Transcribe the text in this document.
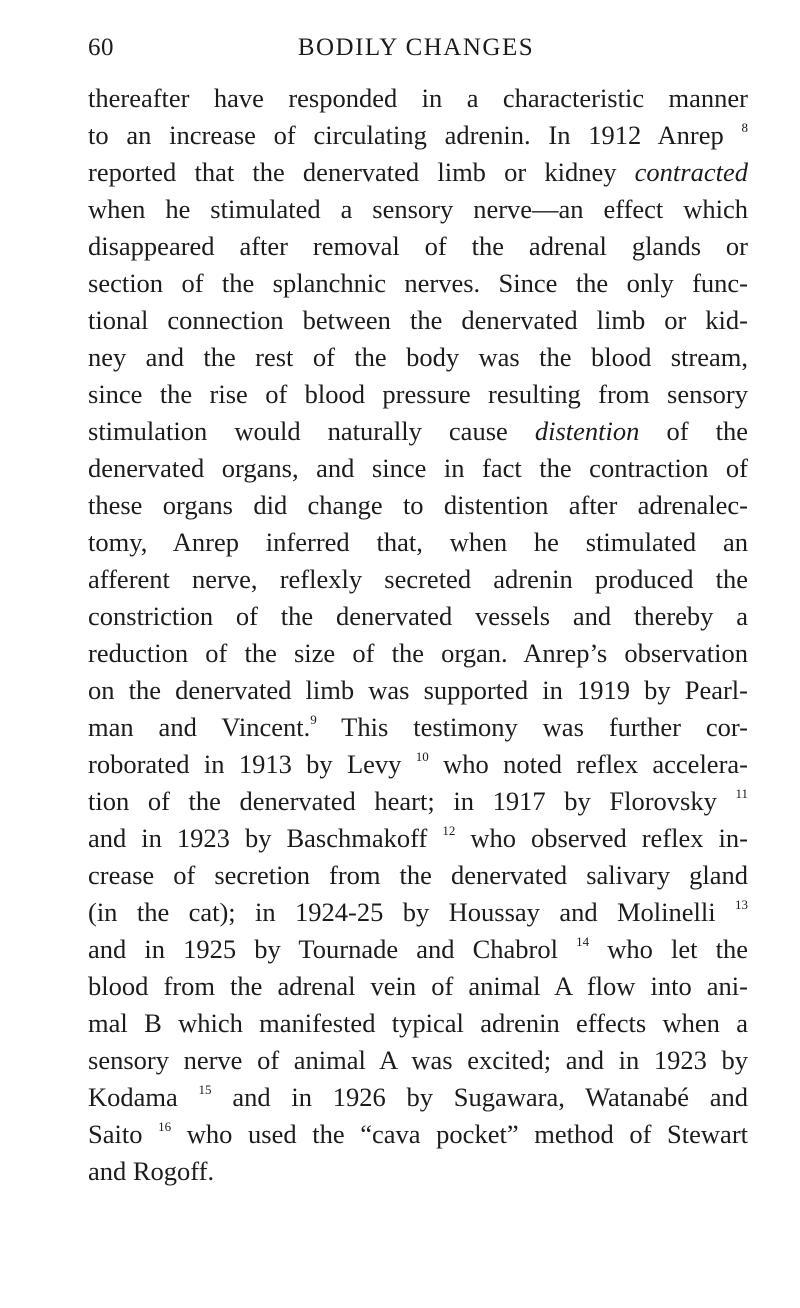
60	BODILY CHANGES
thereafter have responded in a characteristic manner
to an increase of circulating adrenin. In 1912 Anrep $^8$
reported that the denervated limb or kidney contracted
when he stimulated a sensory nerve—an effect which
disappeared after removal of the adrenal glands or
section of the splanchnic nerves. Since the only func-
tional connection between the denervated limb or kid-
ney and the rest of the body was the blood stream,
since the rise of blood pressure resulting from sensory
stimulation would naturally cause distention of the
denervated organs, and since in fact the contraction of
these organs did change to distention after adrenalec-
tomy, Anrep inferred that, when he stimulated an
afferent nerve, reflexly secreted adrenin produced the
constriction of the denervated vessels and thereby a
reduction of the size of the organ. Anrep’s observation
on the denervated limb was supported in 1919 by Pearl-
man and Vincent.$^9$ This testimony was further cor-
roborated in 1913 by Levy $^{10}$ who noted reflex accelera-
tion of the denervated heart; in 1917 by Florovsky $^{11}$
and in 1923 by Baschmakoff $^{12}$ who observed reflex in-
crease of secretion from the denervated salivary gland
(in the cat); in 1924-25 by Houssay and Molinelli $^{13}$
and in 1925 by Tournade and Chabrol $^{14}$ who let the
blood from the adrenal vein of animal A flow into ani-
mal B which manifested typical adrenin effects when a
sensory nerve of animal A was excited; and in 1923 by
Kodama $^{15}$ and in 1926 by Sugawara, Watanabé and
Saito $^{16}$ who used the “cava pocket” method of Stewart
and Rogoff.
